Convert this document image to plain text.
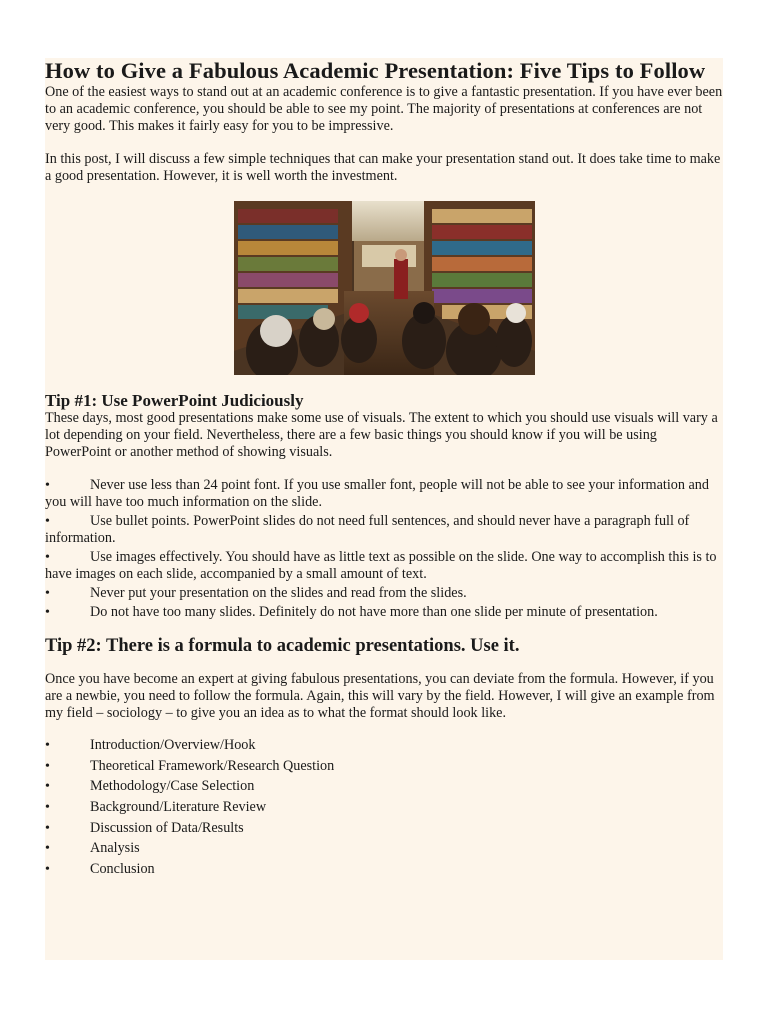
How to Give a Fabulous Academic Presentation: Five Tips to Follow

One of the easiest ways to stand out at an academic conference is to give a fantastic presentation. If you have ever been to an academic conference, you should be able to see my point. The majority of presentations at conferences are not very good. This makes it fairly easy for you to be impressive.

In this post, I will discuss a few simple techniques that can make your presentation stand out. It does take time to make a good presentation. However, it is well worth the investment.

Tip #1: Use PowerPoint Judiciously

These days, most good presentations make some use of visuals. The extent to which you should use visuals will vary a lot depending on your field. Nevertheless, there are a few basic things you should know if you will be using PowerPoint or another method of showing visuals.

•	Never use less than 24 point font. If you use smaller font, people will not be able to see your information and you will have too much information on the slide.
•	Use bullet points. PowerPoint slides do not need full sentences, and should never have a paragraph full of information.
•	Use images effectively. You should have as little text as possible on the slide. One way to accomplish this is to have images on each slide, accompanied by a small amount of text.
•	Never put your presentation on the slides and read from the slides.
•	Do not have too many slides. Definitely do not have more than one slide per minute of presentation.
Tip #2: There is a formula to academic presentations. Use it.

Once you have become an expert at giving fabulous presentations, you can deviate from the formula. However, if you are a newbie, you need to follow the formula. Again, this will vary by the field. However, I will give an example from my field – sociology – to give you an idea as to what the format should look like.

•	Introduction/Overview/Hook
•	Theoretical Framework/Research Question
•	Methodology/Case Selection
•	Background/Literature Review
•	Discussion of Data/Results
•	Analysis
•	Conclusion
